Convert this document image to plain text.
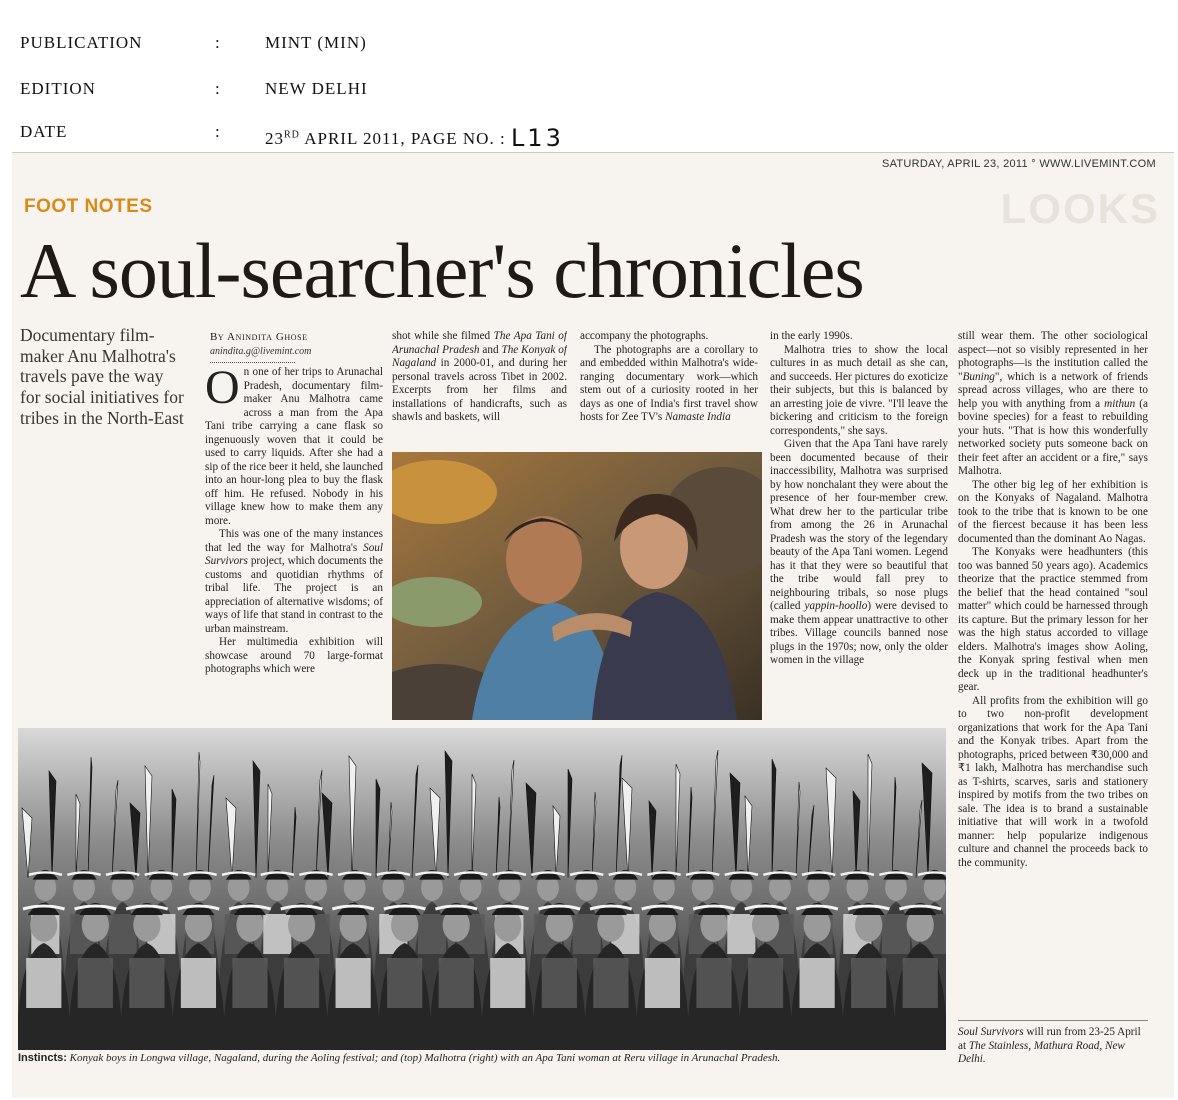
PUBLICATION	:	MINT (MIN)
EDITION	:	NEW DELHI
DATE	:	23RD APRIL 2011, PAGE NO. : L13
SATURDAY, APRIL 23, 2011 ° WWW.LIVEMINT.COM
LOOKS
FOOT NOTES
A soul-searcher's chronicles
Documentary film-maker Anu Malhotra's travels pave the way for social initiatives for tribes in the North-East
By Anindita Ghose
anindita.g@livemint.com

On one of her trips to Arunachal Pradesh, documentary film-maker Anu Malhotra came across a man from the Apa Tani tribe carrying a cane flask so ingenuously woven that it could be used to carry liquids. After she had a sip of the rice beer it held, she launched into an hour-long plea to buy the flask off him. He refused. Nobody in his village knew how to make them any more.

This was one of the many instances that led the way for Malhotra's Soul Survivors project, which documents the customs and quotidian rhythms of tribal life. The project is an appreciation of alternative wisdoms; of ways of life that stand in contrast to the urban mainstream.

Her multimedia exhibition will showcase around 70 large-format photographs which were

shot while she filmed The Apa Tani of Arunachal Pradesh and The Konyak of Nagaland in 2000-01, and during her personal travels across Tibet in 2002. Excerpts from her films and installations of handicrafts, such as shawls and baskets, will

accompany the photographs.

The photographs are a corollary to and embedded within Malhotra's wide-ranging documentary work—which stem out of a curiosity rooted in her days as one of India's first travel show hosts for Zee TV's Namaste India

in the early 1990s.

Malhotra tries to show the local cultures in as much detail as she can, and succeeds. Her pictures do exoticize their subjects, but this is balanced by an arresting joie de vivre. "I'll leave the bickering and criticism to the foreign correspondents," she says.

Given that the Apa Tani have rarely been documented because of their inaccessibility, Malhotra was surprised by how nonchalant they were about the presence of her four-member crew. What drew her to the particular tribe from among the 26 in Arunachal Pradesh was the story of the legendary beauty of the Apa Tani women. Legend has it that they were so beautiful that the tribe would fall prey to neighbouring tribals, so nose plugs (called yappin-hoollo) were devised to make them appear unattractive to other tribes. Village councils banned nose plugs in the 1970s; now, only the older women in the village

still wear them. The other sociological aspect—not so visibly represented in her photographs—is the institution called the "Buning", which is a network of friends spread across villages, who are there to help you with anything from a mithun (a bovine species) for a feast to rebuilding your huts. "That is how this wonderfully networked society puts someone back on their feet after an accident or a fire," says Malhotra.

The other big leg of her exhibition is on the Konyaks of Nagaland. Malhotra took to the tribe that is known to be one of the fiercest because it has been less documented than the dominant Ao Nagas.

The Konyaks were headhunters (this too was banned 50 years ago). Academics theorize that the practice stemmed from the belief that the head contained "soul matter" which could be harnessed through its capture. But the primary lesson for her was the high status accorded to village elders. Malhotra's images show Aoling, the Konyak spring festival when men deck up in the traditional headhunter's gear.

All profits from the exhibition will go to two non-profit development organizations that work for the Apa Tani and the Konyak tribes. Apart from the photographs, priced between ₹30,000 and ₹1 lakh, Malhotra has merchandise such as T-shirts, scarves, saris and stationery inspired by motifs from the two tribes on sale. The idea is to brand a sustainable initiative that will work in a twofold manner: help popularize indigenous culture and channel the proceeds back to the community.

Soul Survivors will run from 23-25 April at The Stainless, Mathura Road, New Delhi.
Instincts: Konyak boys in Longwa village, Nagaland, during the Aoling festival; and (top) Malhotra (right) with an Apa Tani woman at Reru village in Arunachal Pradesh.
